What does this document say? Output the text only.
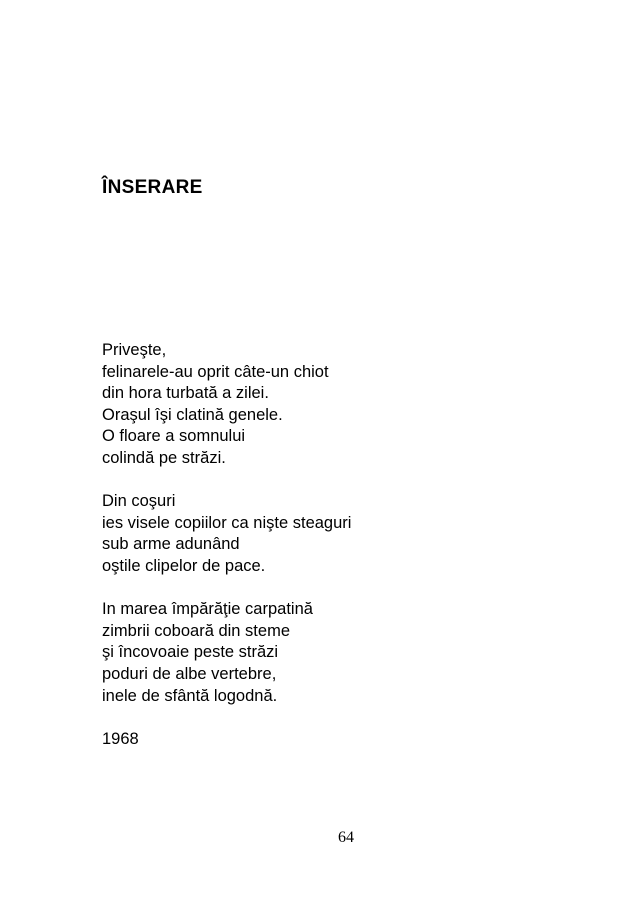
ÎNSERARE

Priveşte,
felinarele-au oprit câte-un chiot
din hora turbată a zilei.
Oraşul îşi clatină genele.
O floare a somnului
colindă pe străzi.

Din coşuri
ies visele copiilor ca nişte steaguri
sub arme adunând
oştile clipelor de pace.

In marea împărăţie carpatină
zimbrii coboară din steme
şi încovoaie peste străzi
poduri de albe vertebre,
inele de sfântă logodnă.

1968

64
